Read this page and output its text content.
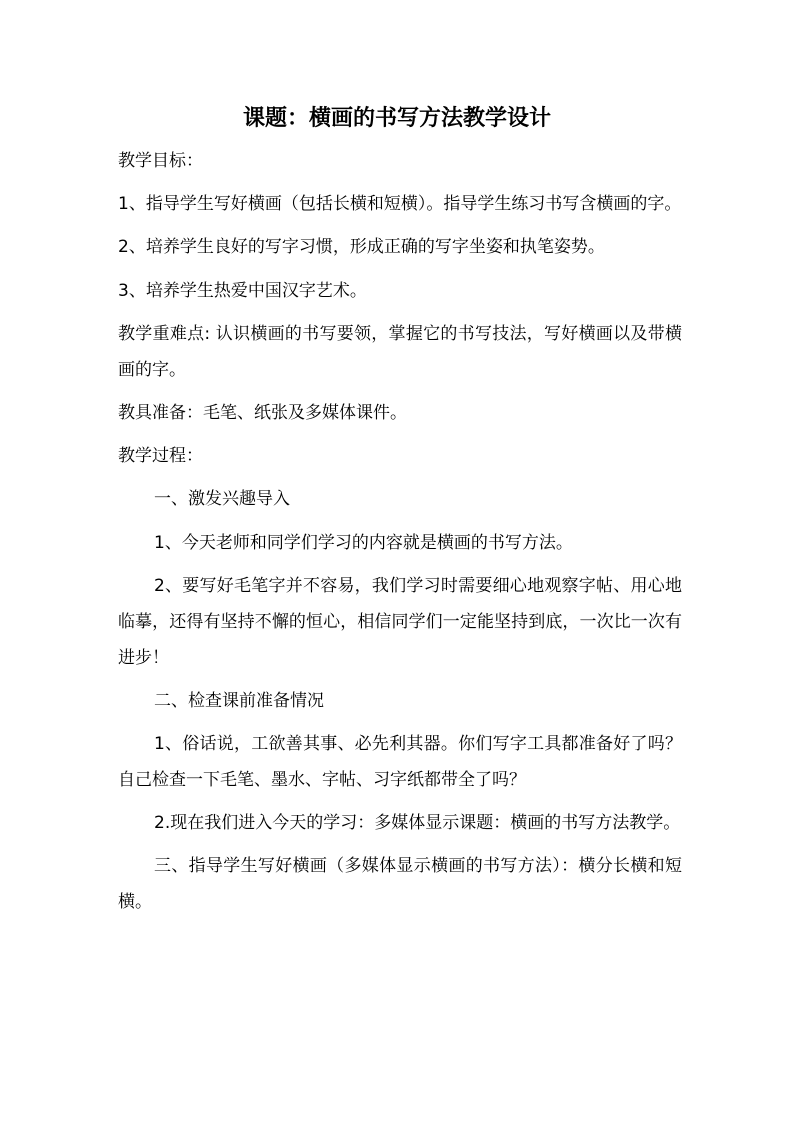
课题：横画的书写方法教学设计

教学目标：

1、指导学生写好横画（包括长横和短横）。指导学生练习书写含横画的字。

2、培养学生良好的写字习惯，形成正确的写字坐姿和执笔姿势。

3、培养学生热爱中国汉字艺术。

教学重难点: 认识横画的书写要领，掌握它的书写技法，写好横画以及带横画的字。

教具准备：毛笔、纸张及多媒体课件。

教学过程：

一、激发兴趣导入

1、今天老师和同学们学习的内容就是横画的书写方法。

2、要写好毛笔字并不容易，我们学习时需要细心地观察字帖、用心地临摹，还得有坚持不懈的恒心，相信同学们一定能坚持到底，一次比一次有进步！

二、检查课前准备情况

1、俗话说，工欲善其事、必先利其器。你们写字工具都准备好了吗？自己检查一下毛笔、墨水、字帖、习字纸都带全了吗？

2.现在我们进入今天的学习：多媒体显示课题：横画的书写方法教学。

三、指导学生写好横画（多媒体显示横画的书写方法）：横分长横和短横。
